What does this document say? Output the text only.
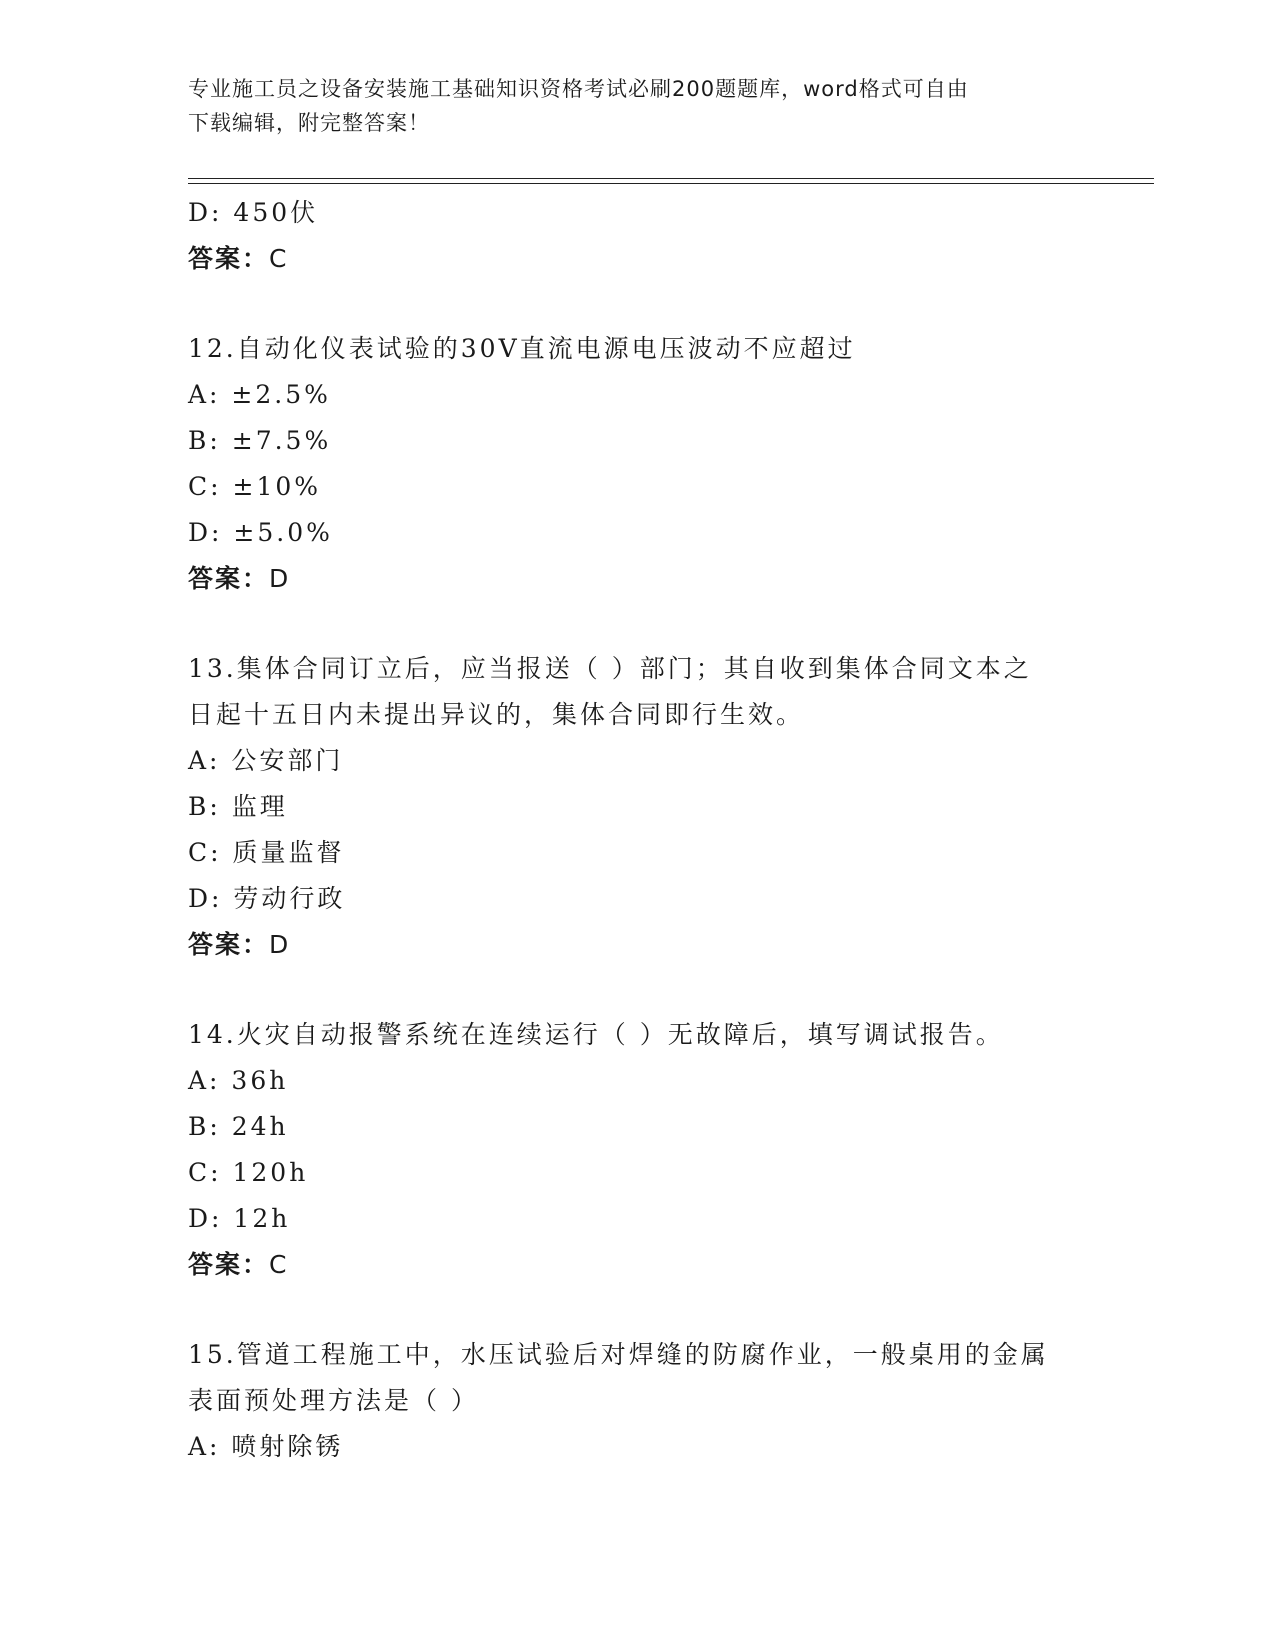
专业施工员之设备安装施工基础知识资格考试必刷200题题库，word格式可自由
下载编辑，附完整答案！
D: 450伏
答案：C
12.自动化仪表试验的30V直流电源电压波动不应超过
A: ±2.5%
B: ±7.5%
C: ±10%
D: ±5.0%
答案：D
13.集体合同订立后，应当报送（ ）部门；其自收到集体合同文本之
日起十五日内未提出异议的，集体合同即行生效。
A: 公安部门
B: 监理
C: 质量监督
D: 劳动行政
答案：D
14.火灾自动报警系统在连续运行（ ）无故障后，填写调试报告。
A: 36h
B: 24h
C: 120h
D: 12h
答案：C
15.管道工程施工中，水压试验后对焊缝的防腐作业，一般桌用的金属
表面预处理方法是（ ）
A: 喷射除锈
